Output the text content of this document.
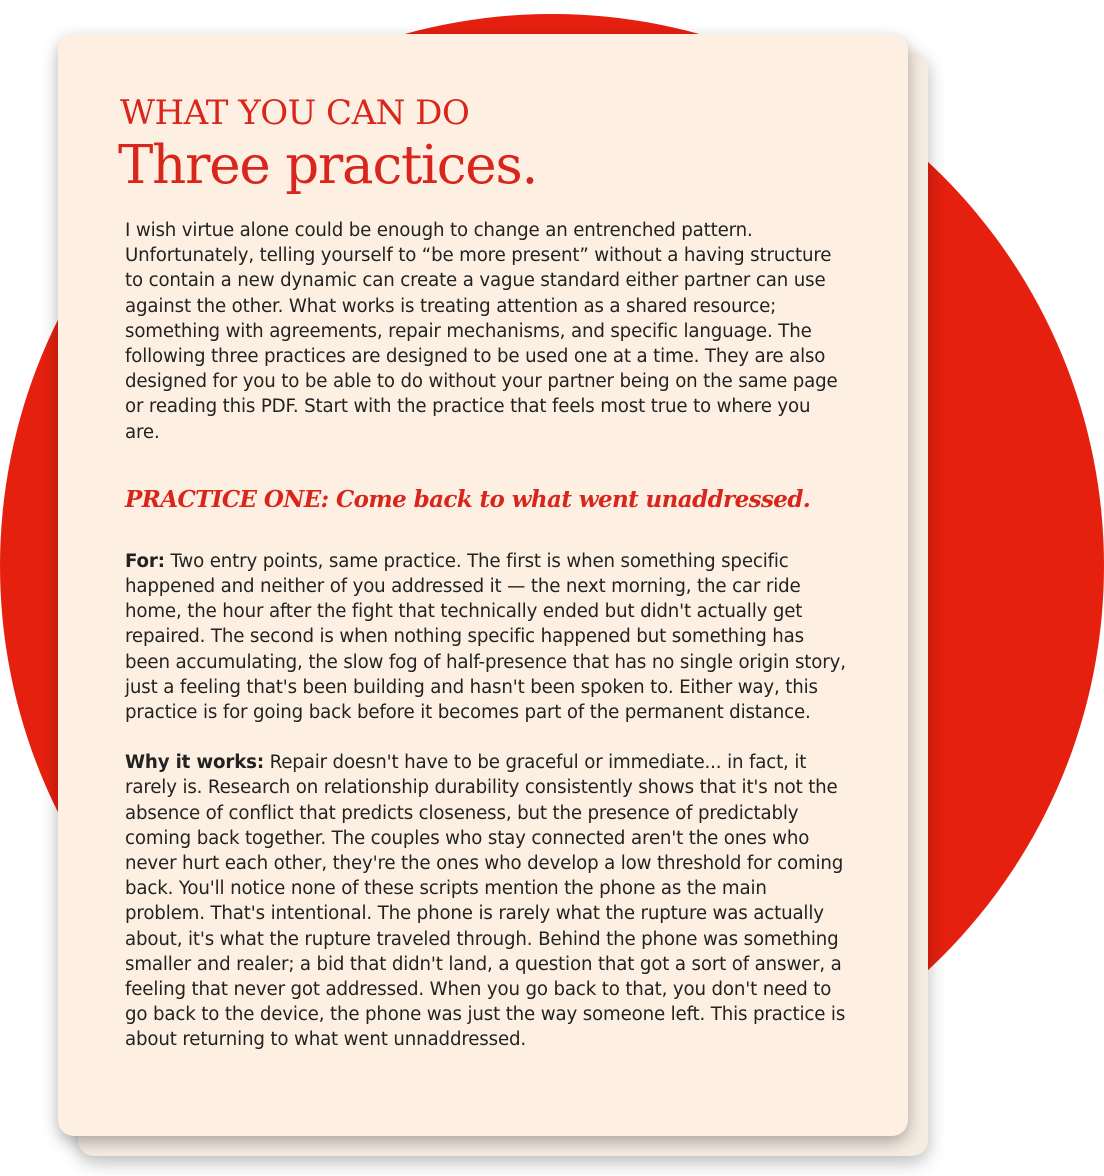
WHAT YOU CAN DO
Three practices.

I wish virtue alone could be enough to change an entrenched pattern. Unfortunately, telling yourself to “be more present” without a having structure to contain a new dynamic can create a vague standard either partner can use against the other. What works is treating attention as a shared resource; something with agreements, repair mechanisms, and specific language. The following three practices are designed to be used one at a time. They are also designed for you to be able to do without your partner being on the same page or reading this PDF. Start with the practice that feels most true to where you are.

PRACTICE ONE: Come back to what went unaddressed.

For: Two entry points, same practice. The first is when something specific happened and neither of you addressed it — the next morning, the car ride home, the hour after the fight that technically ended but didn't actually get repaired. The second is when nothing specific happened but something has been accumulating, the slow fog of half-presence that has no single origin story, just a feeling that's been building and hasn't been spoken to. Either way, this practice is for going back before it becomes part of the permanent distance.

Why it works: Repair doesn't have to be graceful or immediate... in fact, it rarely is. Research on relationship durability consistently shows that it's not the absence of conflict that predicts closeness, but the presence of predictably coming back together. The couples who stay connected aren't the ones who never hurt each other, they're the ones who develop a low threshold for coming back. You'll notice none of these scripts mention the phone as the main problem. That's intentional. The phone is rarely what the rupture was actually about, it's what the rupture traveled through. Behind the phone was something smaller and realer; a bid that didn't land, a question that got a sort of answer, a feeling that never got addressed. When you go back to that, you don't need to go back to the device, the phone was just the way someone left. This practice is about returning to what went unnaddressed.
